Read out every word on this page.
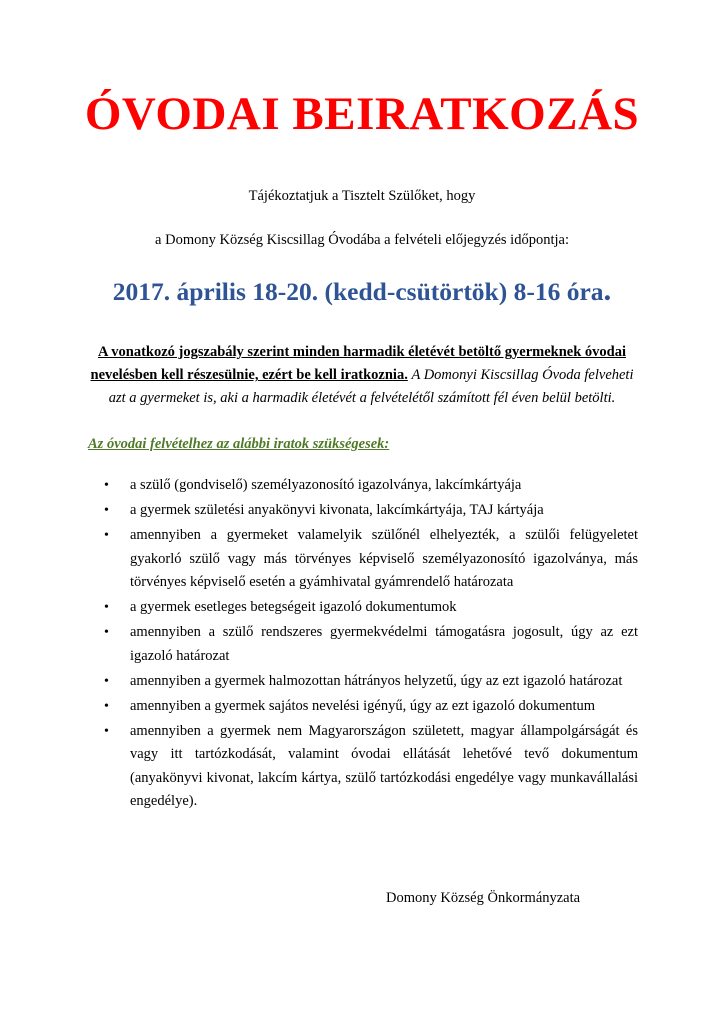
ÓVODAI BEIRATKOZÁS
Tájékoztatjuk a Tisztelt Szülőket, hogy
a Domony Község Kiscsillag Óvodába a felvételi előjegyzés időpontja:
2017. április 18-20. (kedd-csütörtök) 8-16 óra.
A vonatkozó jogszabály szerint minden harmadik életévét betöltő gyermeknek óvodai nevelésben kell részesülnie, ezért be kell iratkoznia. A Domonyi Kiscsillag Óvoda felveheti azt a gyermeket is, aki a harmadik életévét a felvételétől számított fél éven belül betölti.
Az óvodai felvételhez az alábbi iratok szükségesek:
• a szülő (gondviselő) személyazonosító igazolványa, lakcímkártyája
• a gyermek születési anyakönyvi kivonata, lakcímkártyája, TAJ kártyája
• amennyiben a gyermeket valamelyik szülőnél elhelyezték, a szülői felügyeletet gyakorló szülő vagy más törvényes képviselő személyazonosító igazolványa, más törvényes képviselő esetén a gyámhivatal gyámrendelő határozata
• a gyermek esetleges betegségeit igazoló dokumentumok
• amennyiben a szülő rendszeres gyermekvédelmi támogatásra jogosult, úgy az ezt igazoló határozat
• amennyiben a gyermek halmozottan hátrányos helyzetű, úgy az ezt igazoló határozat
• amennyiben a gyermek sajátos nevelési igényű, úgy az ezt igazoló dokumentum
• amennyiben a gyermek nem Magyarországon született, magyar állampolgárságát és vagy itt tartózkodását, valamint óvodai ellátását lehetővé tevő dokumentum (anyakönyvi kivonat, lakcím kártya, szülő tartózkodási engedélye vagy munkavállalási engedélye).
Domony Község Önkormányzata
